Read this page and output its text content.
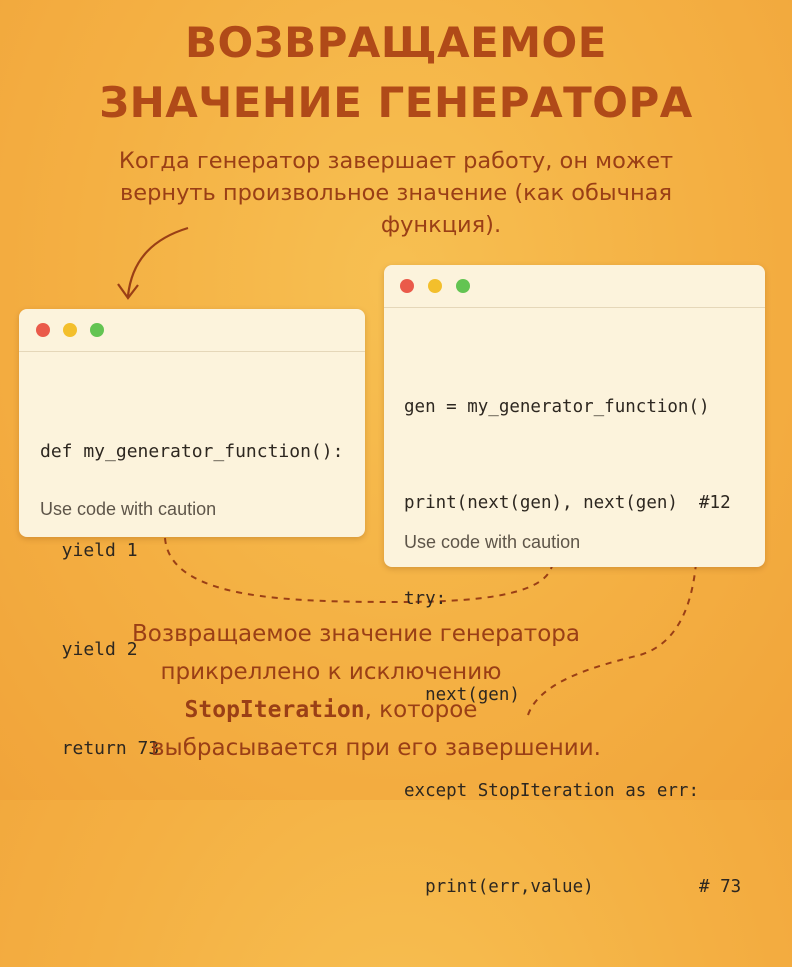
ВОЗВРАЩАЕМОЕ
ЗНАЧЕНИЕ ГЕНЕРАТОРА
Когда генератор завершает работу, он может
вернуть произвольное значение (как обычная
функция).

def my_generator_function():

yield 1

yield 2

return 73

Use code with caution

gen = my_generator_function()

print(next(gen), next(gen)  #12

try:

next(gen)

except StopIteration as err:

print(err,value)          # 73

Use code with caution
Возвращаемое значение генератора
прикреллено к исключению
StopIteration, которое
выбрасывается при его завершении.
